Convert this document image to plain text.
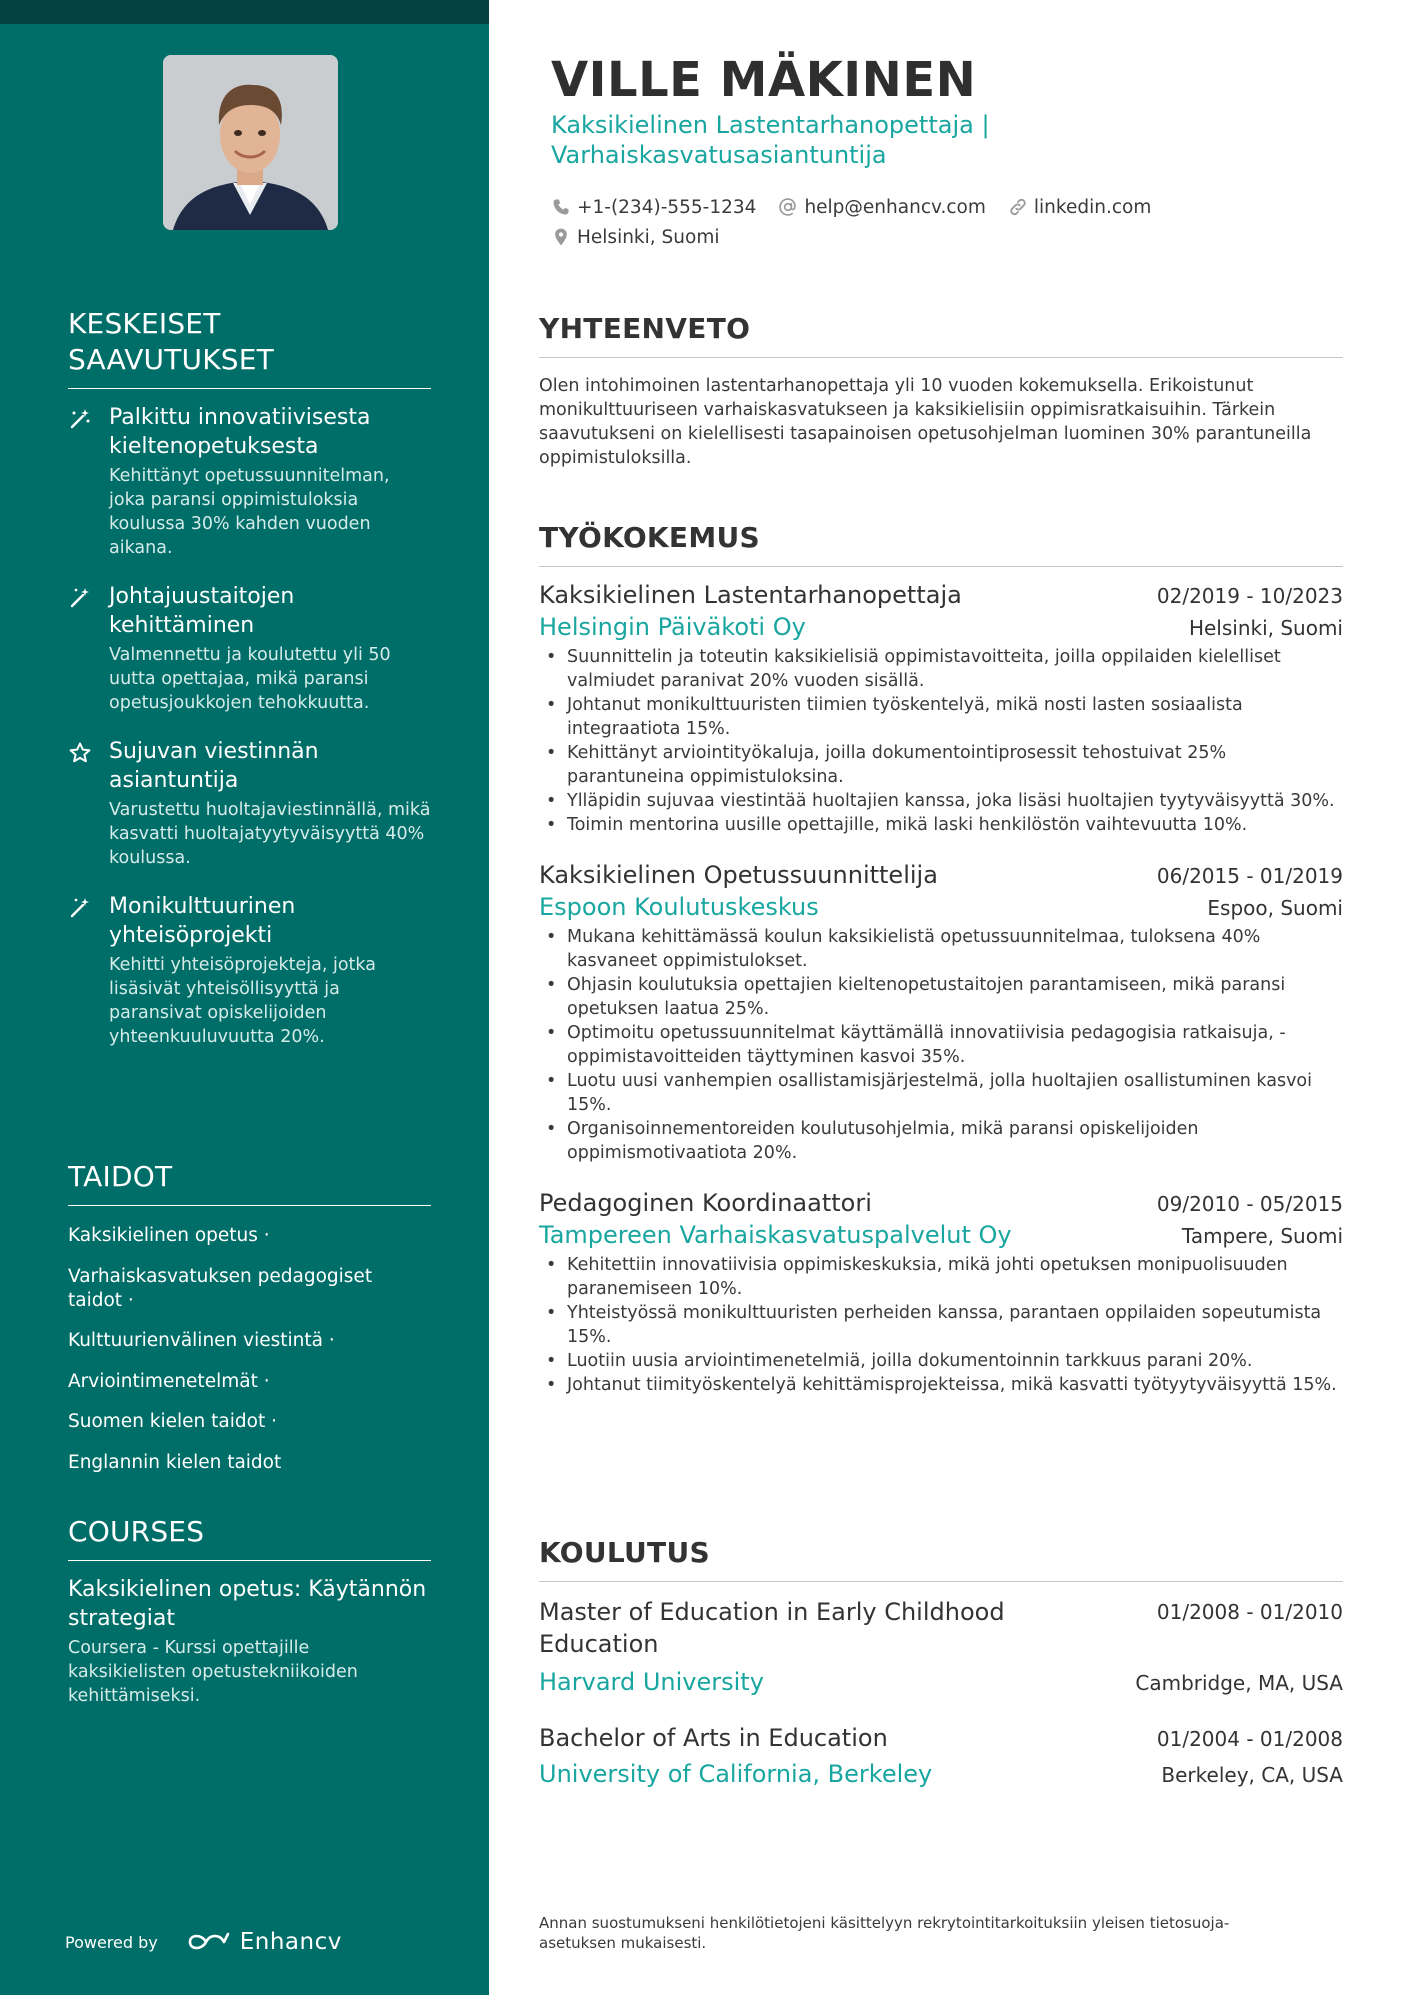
KESKEISET SAAVUTUKSET
Palkittu innovatiivisesta kieltenopetuksesta
Kehittänyt opetussuunnitelman, joka paransi oppimistuloksia koulussa 30% kahden vuoden aikana.
Johtajuustaitojen kehittäminen
Valmennettu ja koulutettu yli 50 uutta opettajaa, mikä paransi opetusjoukkojen tehokkuutta.
Sujuvan viestinnän asiantuntija
Varustettu huoltajaviestinnällä, mikä kasvatti huoltajatyytyväisyyttä 40% koulussa.
Monikulttuurinen yhteisöprojekti
Kehitti yhteisöprojekteja, jotka lisäsivät yhteisöllisyyttä ja paransivat opiskelijoiden yhteenkuuluvuutta 20%.
TAIDOT
Kaksikielinen opetus ·
Varhaiskasvatuksen pedagogiset taidot ·
Kulttuurienvälinen viestintä ·
Arviointimenetelmät ·
Suomen kielen taidot ·
Englannin kielen taidot
COURSES
Kaksikielinen opetus: Käytännön strategiat
Coursera - Kurssi opettajille kaksikielisten opetustekniikoiden kehittämiseksi.
Powered by	Enhancv
VILLE MÄKINEN
Kaksikielinen Lastentarhanopettaja | Varhaiskasvatusasiantuntija
+1-(234)-555-1234	help@enhancv.com	linkedin.com
Helsinki, Suomi
YHTEENVETO

Olen intohimoinen lastentarhanopettaja yli 10 vuoden kokemuksella. Erikoistunut monikulttuuriseen varhaiskasvatukseen ja kaksikielisiin oppimisratkaisuihin. Tärkein saavutukseni on kielellisesti tasapainoisen opetusohjelman luominen 30% parantuneilla oppimistuloksilla.

TYÖKOKEMUS
Kaksikielinen Lastentarhanopettaja	02/2019 - 10/2023
Helsingin Päiväkoti Oy	Helsinki, Suomi
• Suunnittelin ja toteutin kaksikielisiä oppimistavoitteita, joilla oppilaiden kielelliset valmiudet paranivat 20% vuoden sisällä.
• Johtanut monikulttuuristen tiimien työskentelyä, mikä nosti lasten sosiaalista integraatiota 15%.
• Kehittänyt arviointityökaluja, joilla dokumentointiprosessit tehostuivat 25% parantuneina oppimistuloksina.
• Ylläpidin sujuvaa viestintää huoltajien kanssa, joka lisäsi huoltajien tyytyväisyyttä 30%.
• Toimin mentorina uusille opettajille, mikä laski henkilöstön vaihtevuutta 10%.
Kaksikielinen Opetussuunnittelija	06/2015 - 01/2019
Espoon Koulutuskeskus	Espoo, Suomi
• Mukana kehittämässä koulun kaksikielistä opetussuunnitelmaa, tuloksena 40% kasvaneet oppimistulokset.
• Ohjasin koulutuksia opettajien kieltenopetustaitojen parantamiseen, mikä paransi opetuksen laatua 25%.
• Optimoitu opetussuunnitelmat käyttämällä innovatiivisia pedagogisia ratkaisuja, - oppimistavoitteiden täyttyminen kasvoi 35%.
• Luotu uusi vanhempien osallistamisjärjestelmä, jolla huoltajien osallistuminen kasvoi 15%.
• Organisoinnementoreiden koulutusohjelmia, mikä paransi opiskelijoiden oppimismotivaatiota 20%.
Pedagoginen Koordinaattori	09/2010 - 05/2015
Tampereen Varhaiskasvatuspalvelut Oy	Tampere, Suomi
• Kehitettiin innovatiivisia oppimiskeskuksia, mikä johti opetuksen monipuolisuuden paranemiseen 10%.
• Yhteistyössä monikulttuuristen perheiden kanssa, parantaen oppilaiden sopeutumista 15%.
• Luotiin uusia arviointimenetelmiä, joilla dokumentoinnin tarkkuus parani 20%.
• Johtanut tiimityöskentelyä kehittämisprojekteissa, mikä kasvatti työtyytyväisyyttä 15%.
KOULUTUS
Master of Education in Early Childhood Education
01/2008 - 01/2010
Harvard University	Cambridge, MA, USA
Bachelor of Arts in Education	01/2004 - 01/2008
University of California, Berkeley	Berkeley, CA, USA

Annan suostumukseni henkilötietojeni käsittelyyn rekrytointitarkoituksiin yleisen tietosuoja-asetuksen mukaisesti.
